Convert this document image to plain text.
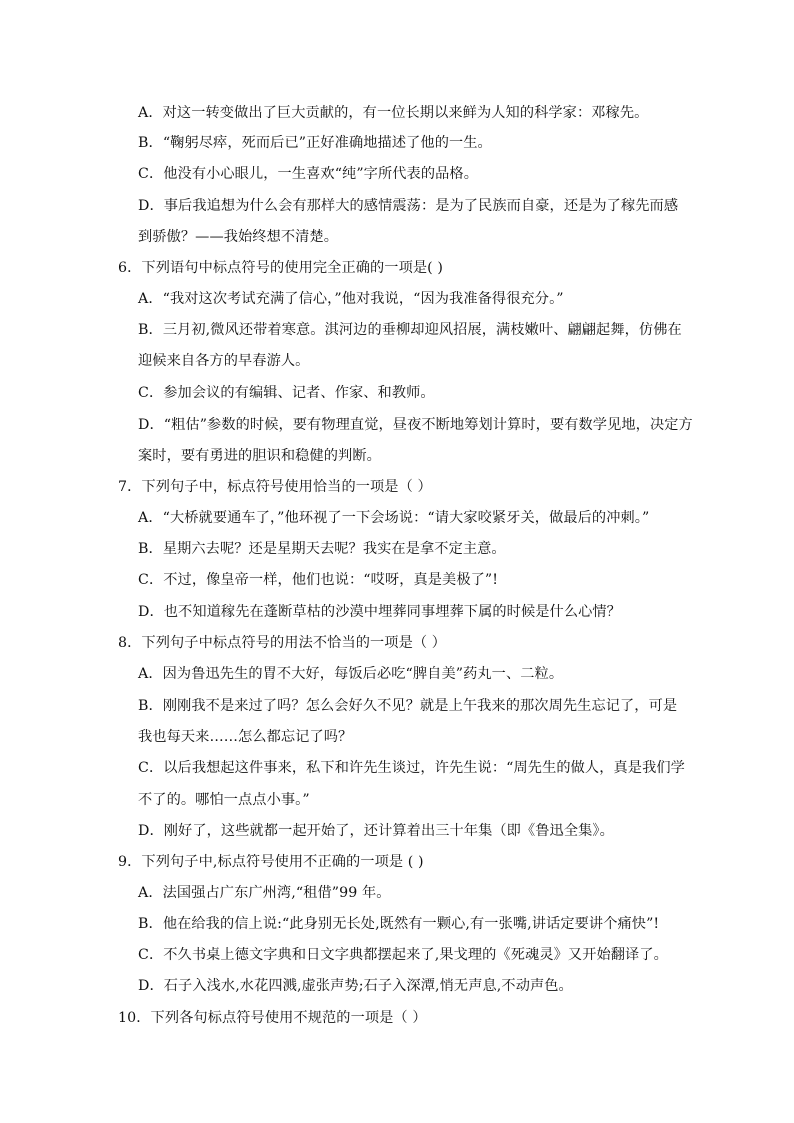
A．对这一转变做出了巨大贡献的，有一位长期以来鲜为人知的科学家：邓稼先。
B．“鞠躬尽瘁，死而后已”正好准确地描述了他的一生。
C．他没有小心眼儿，一生喜欢“纯”字所代表的品格。
D．事后我追想为什么会有那样大的感情震荡：是为了民族而自豪，还是为了稼先而感
到骄傲？——我始终想不清楚。
6．下列语句中标点符号的使用完全正确的一项是( )
A．“我对这次考试充满了信心，”他对我说，“因为我准备得很充分。”
B．三月初,微风还带着寒意。淇河边的垂柳却迎风招展，满枝嫩叶、翩翩起舞，仿佛在
迎候来自各方的早春游人。
C．参加会议的有编辑、记者、作家、和教师。
D．“粗估”参数的时候，要有物理直觉，昼夜不断地筹划计算时，要有数学见地，决定方
案时，要有勇进的胆识和稳健的判断。
7．下列句子中，标点符号使用恰当的一项是（ ）
A．“大桥就要通车了，”他环视了一下会场说：“请大家咬紧牙关，做最后的冲刺。”
B．星期六去呢？还是星期天去呢？我实在是拿不定主意。
C．不过，像皇帝一样，他们也说：“哎呀，真是美极了”!
D．也不知道稼先在蓬断草枯的沙漠中埋葬同事埋葬下属的时候是什么心情？
8．下列句子中标点符号的用法不恰当的一项是（ ）
A．因为鲁迅先生的胃不大好，每饭后必吃“脾自美”药丸一、二粒。
B．刚刚我不是来过了吗？怎么会好久不见？就是上午我来的那次周先生忘记了，可是
我也每天来……怎么都忘记了吗？
C．以后我想起这件事来，私下和许先生谈过，许先生说：“周先生的做人，真是我们学
不了的。哪怕一点点小事。”
D．刚好了，这些就都一起开始了，还计算着出三十年集（即《鲁迅全集》。
9．下列句子中,标点符号使用不正确的一项是 ( )
A．法国强占广东广州湾,“租借”99 年。
B．他在给我的信上说:“此身别无长处,既然有一颗心,有一张嘴,讲话定要讲个痛快”!
C．不久书桌上德文字典和日文字典都摆起来了,果戈理的《死魂灵》又开始翻译了。
D．石子入浅水,水花四溅,虚张声势;石子入深潭,悄无声息,不动声色。
10．下列各句标点符号使用不规范的一项是（ ）
